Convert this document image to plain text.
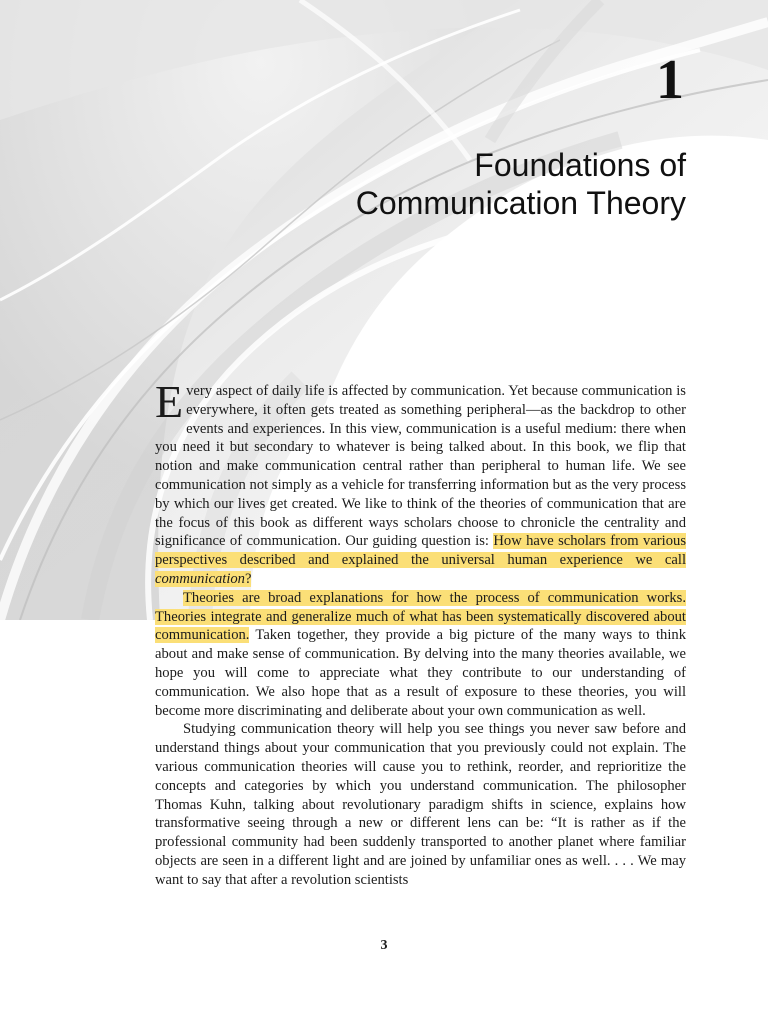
1
Foundations of
Communication Theory

Every aspect of daily life is affected by communication. Yet because communication is everywhere, it often gets treated as something peripheral—as the backdrop to other events and experiences. In this view, communication is a useful medium: there when you need it but secondary to whatever is being talked about. In this book, we flip that notion and make communication central rather than peripheral to human life. We see communication not simply as a vehicle for transferring information but as the very process by which our lives get created. We like to think of the theories of communication that are the focus of this book as different ways scholars choose to chronicle the centrality and significance of communication. Our guiding question is: How have scholars from various perspectives described and explained the universal human experience we call communication?

Theories are broad explanations for how the process of communication works. Theories integrate and generalize much of what has been systematically discovered about communication. Taken together, they provide a big picture of the many ways to think about and make sense of communication. By delving into the many theories available, we hope you will come to appreciate what they contribute to our understanding of communication. We also hope that as a result of exposure to these theories, you will become more discriminating and deliberate about your own communication as well.

Studying communication theory will help you see things you never saw before and understand things about your communication that you previously could not explain. The various communication theories will cause you to rethink, reorder, and reprioritize the concepts and categories by which you understand communication. The philosopher Thomas Kuhn, talking about revolutionary paradigm shifts in science, explains how transformative seeing through a new or different lens can be: “It is rather as if the professional community had been suddenly transported to another planet where familiar objects are seen in a different light and are joined by unfamiliar ones as well. . . . We may want to say that after a revolution scientists

3
